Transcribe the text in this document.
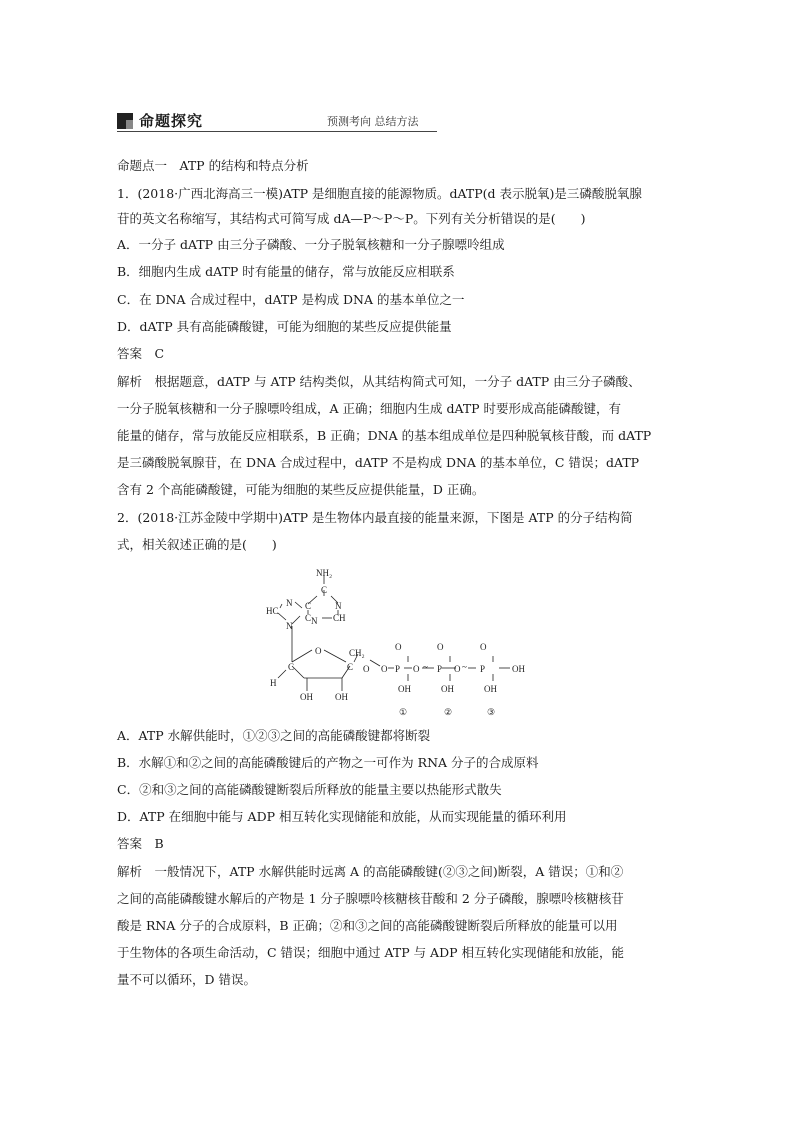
命题探究	预测考向 总结方法
命题点一　ATP 的结构和特点分析
1．(2018·广西北海高三一模)ATP 是细胞直接的能源物质。dATP(d 表示脱氧)是三磷酸脱氧腺
苷的英文名称缩写，其结构式可简写成 dA—P～P～P。下列有关分析错误的是(　　)
A．一分子 dATP 由三分子磷酸、一分子脱氧核糖和一分子腺嘌呤组成
B．细胞内生成 dATP 时有能量的储存，常与放能反应相联系
C．在 DNA 合成过程中，dATP 是构成 DNA 的基本单位之一
D．dATP 具有高能磷酸键，可能为细胞的某些反应提供能量
答案　C
解析　根据题意，dATP 与 ATP 结构类似，从其结构简式可知，一分子 dATP 由三分子磷酸、
一分子脱氧核糖和一分子腺嘌呤组成，A 正确；细胞内生成 dATP 时要形成高能磷酸键，有
能量的储存，常与放能反应相联系，B 正确；DNA 的基本组成单位是四种脱氧核苷酸，而 dATP
是三磷酸脱氧腺苷，在 DNA 合成过程中，dATP 不是构成 DNA 的基本单位，C 错误；dATP
含有 2 个高能磷酸键，可能为细胞的某些反应提供能量，D 正确。
2．(2018·江苏金陵中学期中)ATP 是生物体内最直接的能量来源，下图是 ATP 的分子结构简
式，相关叙述正确的是(　　)
NH₂
C
N
C
N
HC
C N CH
N
O	CH₂
C	C
H
O O
O
P O ~
O
P O ~
O
P	OH
OH	OH	OH
OH OH
①	②	③
A．ATP 水解供能时，①②③之间的高能磷酸键都将断裂
B．水解①和②之间的高能磷酸键后的产物之一可作为 RNA 分子的合成原料
C．②和③之间的高能磷酸键断裂后所释放的能量主要以热能形式散失
D．ATP 在细胞中能与 ADP 相互转化实现储能和放能，从而实现能量的循环利用
答案　B
解析　一般情况下，ATP 水解供能时远离 A 的高能磷酸键(②③之间)断裂，A 错误；①和②
之间的高能磷酸键水解后的产物是 1 分子腺嘌呤核糖核苷酸和 2 分子磷酸，腺嘌呤核糖核苷
酸是 RNA 分子的合成原料，B 正确；②和③之间的高能磷酸键断裂后所释放的能量可以用
于生物体的各项生命活动，C 错误；细胞中通过 ATP 与 ADP 相互转化实现储能和放能，能
量不可以循环，D 错误。
